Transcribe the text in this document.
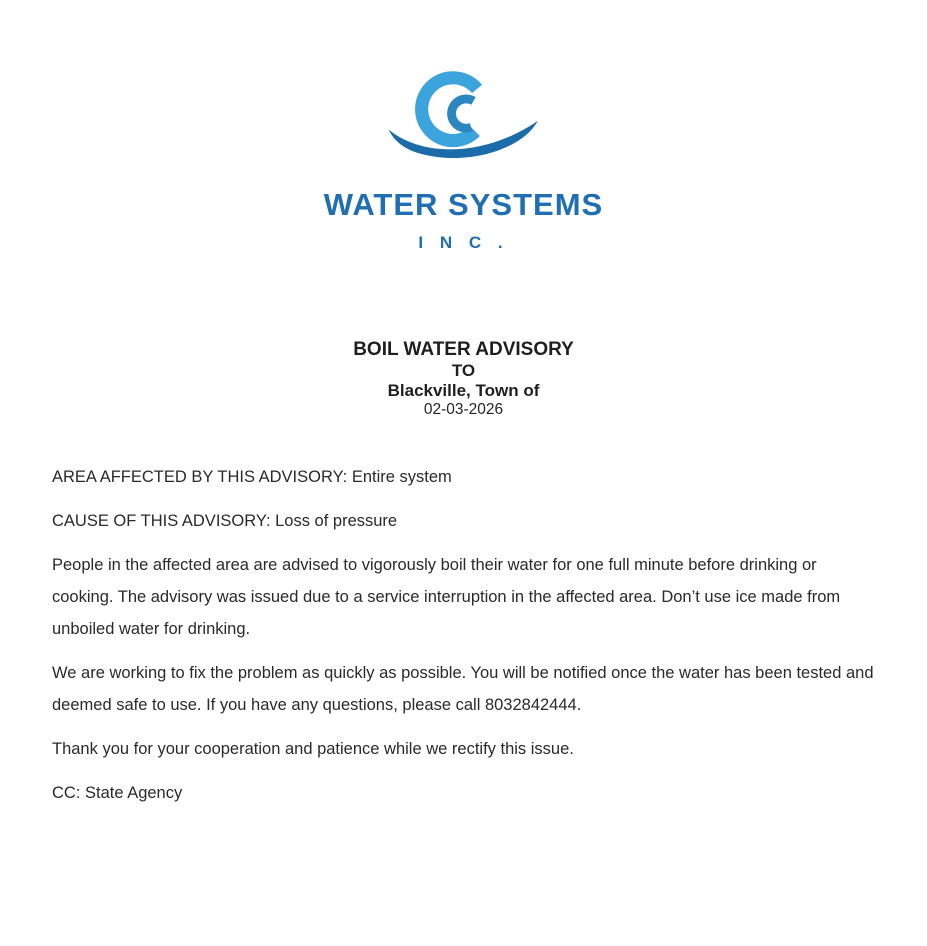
WATER SYSTEMS
I N C .
BOIL WATER ADVISORY
TO
Blackville, Town of
02-03-2026

AREA AFFECTED BY THIS ADVISORY: Entire system

CAUSE OF THIS ADVISORY: Loss of pressure

People in the affected area are advised to vigorously boil their water for one full minute before drinking or cooking. The advisory was issued due to a service interruption in the affected area. Don’t use ice made from unboiled water for drinking.

We are working to fix the problem as quickly as possible. You will be notified once the water has been tested and deemed safe to use. If you have any questions, please call 8032842444.

Thank you for your cooperation and patience while we rectify this issue.

CC: State Agency
